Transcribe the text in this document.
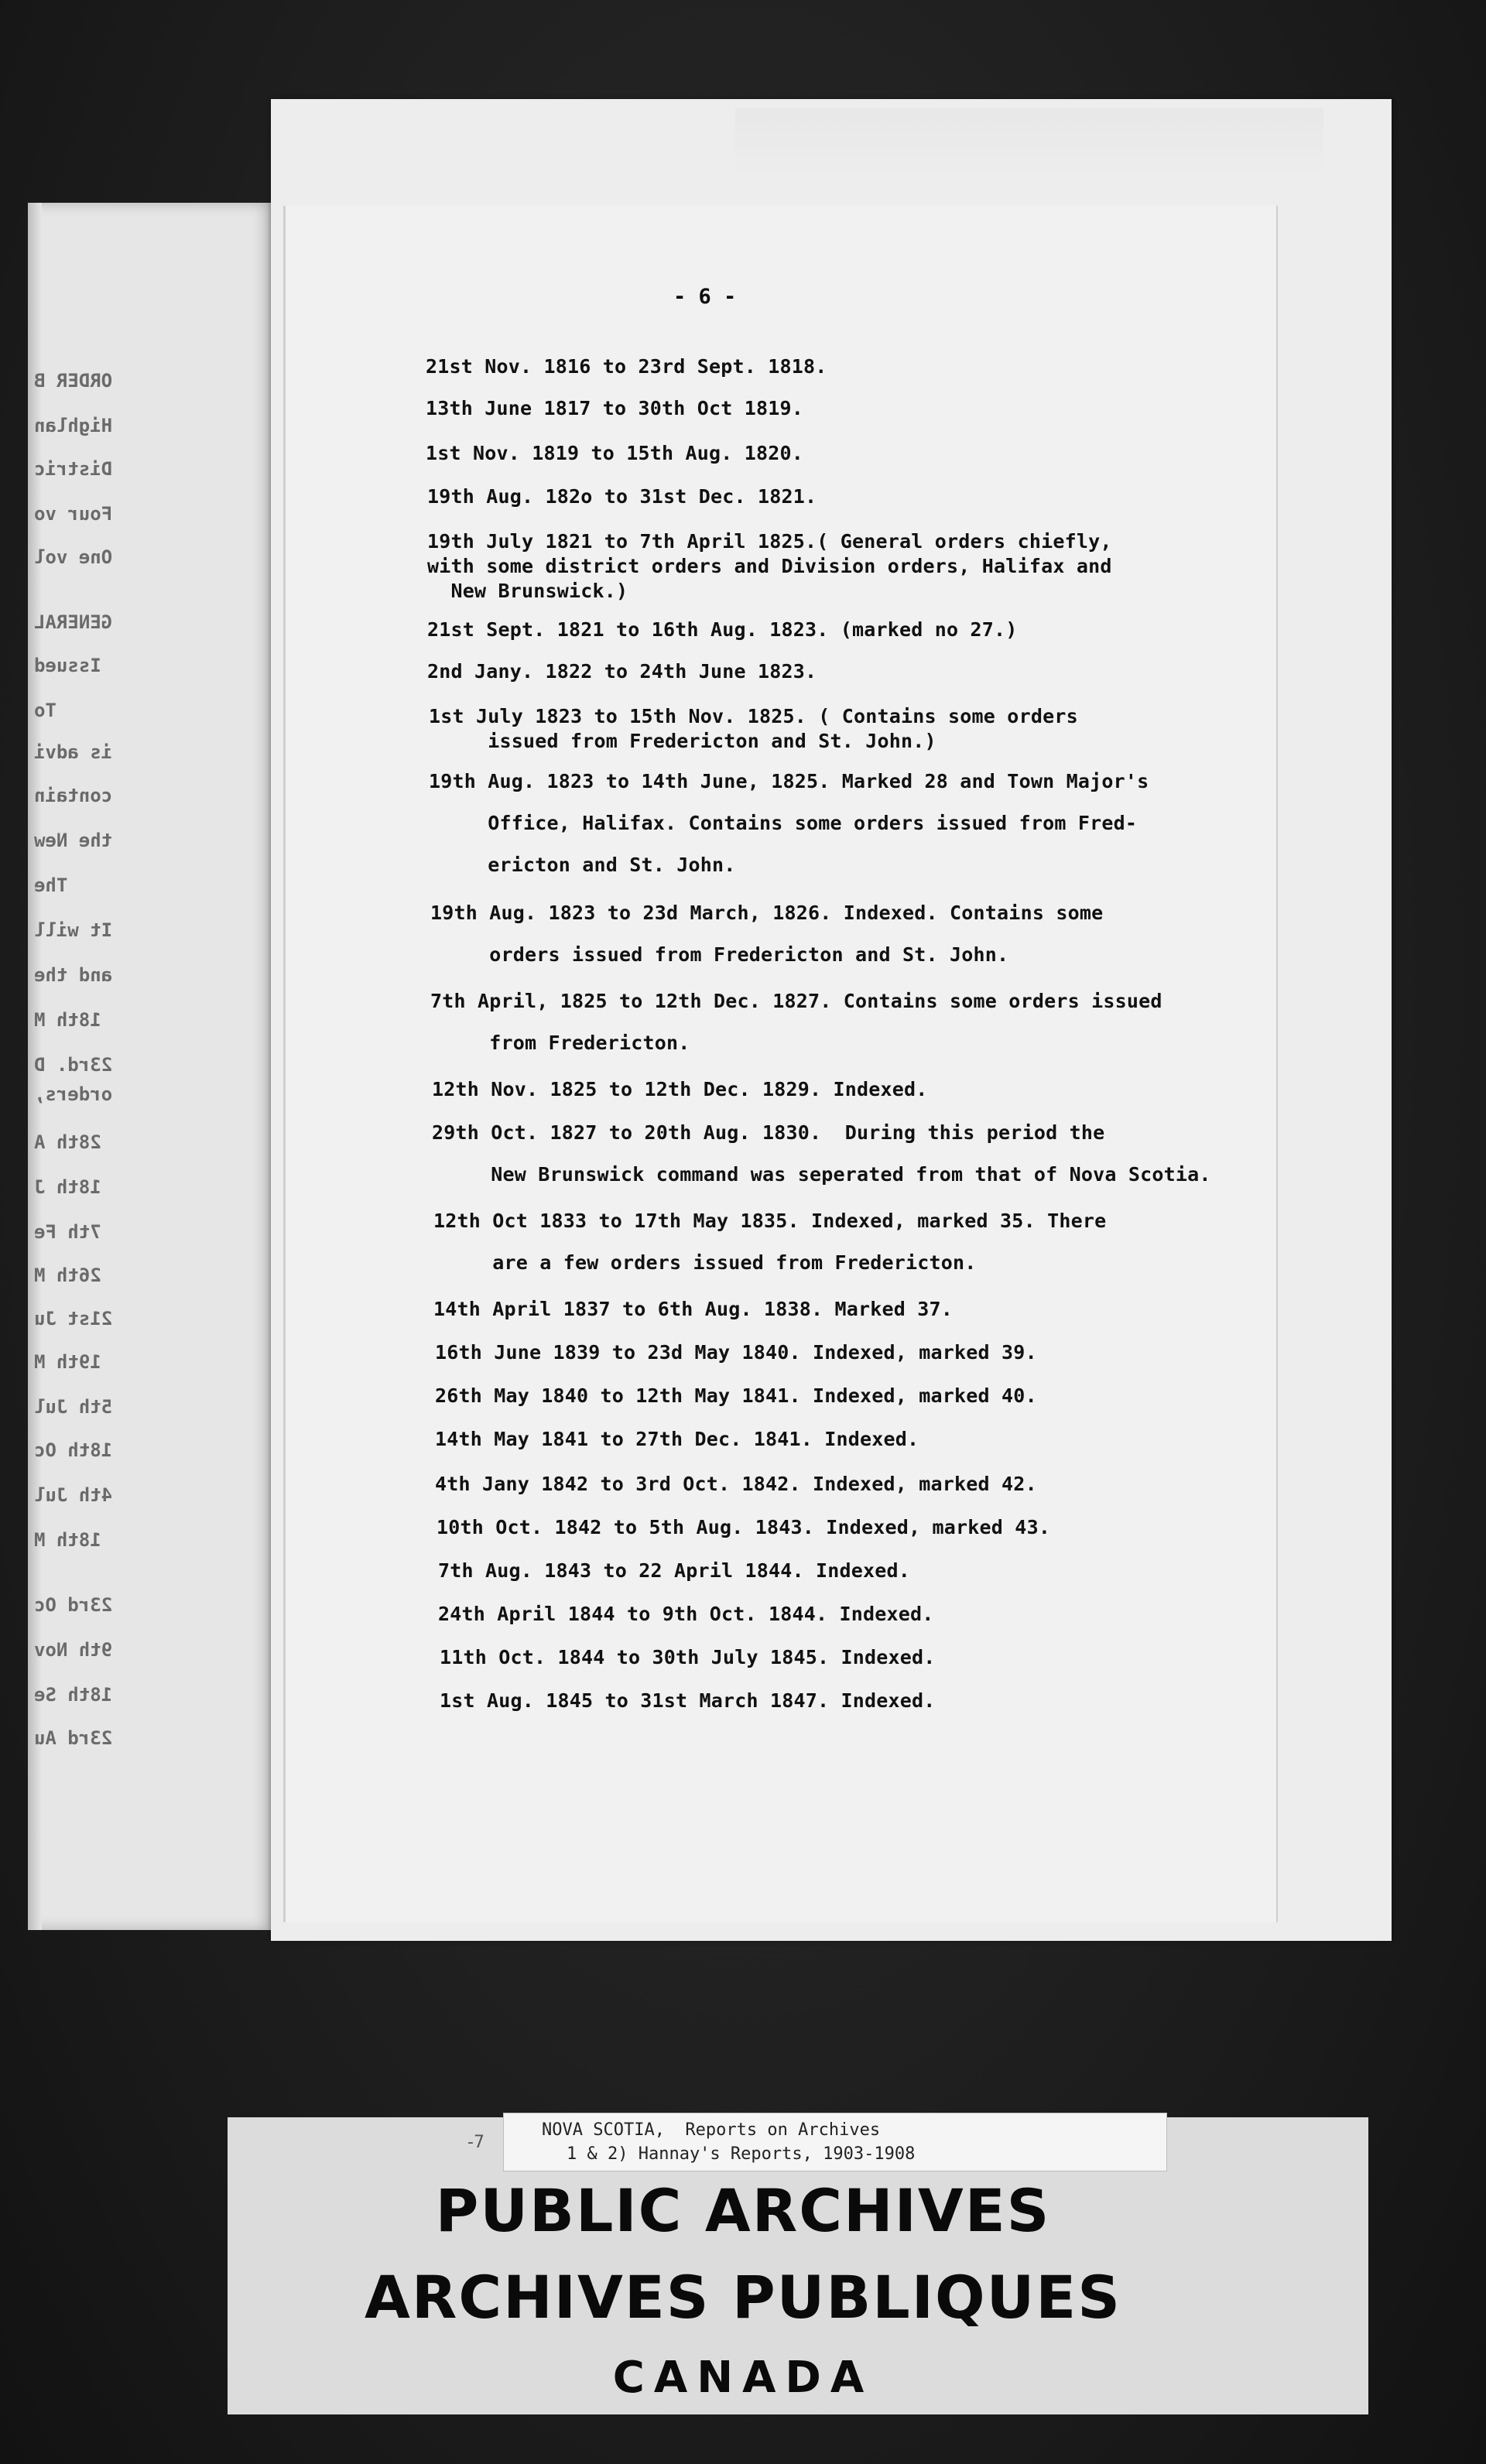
ORDER B
Highlan
Distric
Four vo
One vol
GENERAL
Issued
To
is advi
contain
the New
The
It will
and the
18th M
23rd. D
orders,
28th A
18th J
7th Fe
26th M
21st Ju
19th M
5th Jul
18th Oc
4th Jul
18th M
23rd Oc
9th Nov
18th Se
23rd Au
- 6 -
21st Nov. 1816 to 23rd Sept. 1818.
13th June 1817 to 30th Oct 1819.
1st Nov. 1819 to 15th Aug. 1820.
19th Aug. 182o to 31st Dec. 1821.
19th July 1821 to 7th April 1825.( General orders chiefly,
with some district orders and Division orders, Halifax and
New Brunswick.)
21st Sept. 1821 to 16th Aug. 1823. (marked no 27.)
2nd Jany. 1822 to 24th June 1823.
1st July 1823 to 15th Nov. 1825. ( Contains some orders
issued from Fredericton and St. John.)
19th Aug. 1823 to 14th June, 1825. Marked 28 and Town Major's
Office, Halifax. Contains some orders issued from Fred-
ericton and St. John.
19th Aug. 1823 to 23d March, 1826. Indexed. Contains some
orders issued from Fredericton and St. John.
7th April, 1825 to 12th Dec. 1827. Contains some orders issued
from Fredericton.
12th Nov. 1825 to 12th Dec. 1829. Indexed.
29th Oct. 1827 to 20th Aug. 1830.  During this period the
New Brunswick command was seperated from that of Nova Scotia.
12th Oct 1833 to 17th May 1835. Indexed, marked 35. There
are a few orders issued from Fredericton.
14th April 1837 to 6th Aug. 1838. Marked 37.
16th June 1839 to 23d May 1840. Indexed, marked 39.
26th May 1840 to 12th May 1841. Indexed, marked 40.
14th May 1841 to 27th Dec. 1841. Indexed.
4th Jany 1842 to 3rd Oct. 1842. Indexed, marked 42.
10th Oct. 1842 to 5th Aug. 1843. Indexed, marked 43.
7th Aug. 1843 to 22 April 1844. Indexed.
24th April 1844 to 9th Oct. 1844. Indexed.
11th Oct. 1844 to 30th July 1845. Indexed.
1st Aug. 1845 to 31st March 1847. Indexed.
-7
NOVA SCOTIA,  Reports on Archives
1 & 2) Hannay's Reports, 1903-1908
PUBLIC ARCHIVES
ARCHIVES PUBLIQUES
CANADA
